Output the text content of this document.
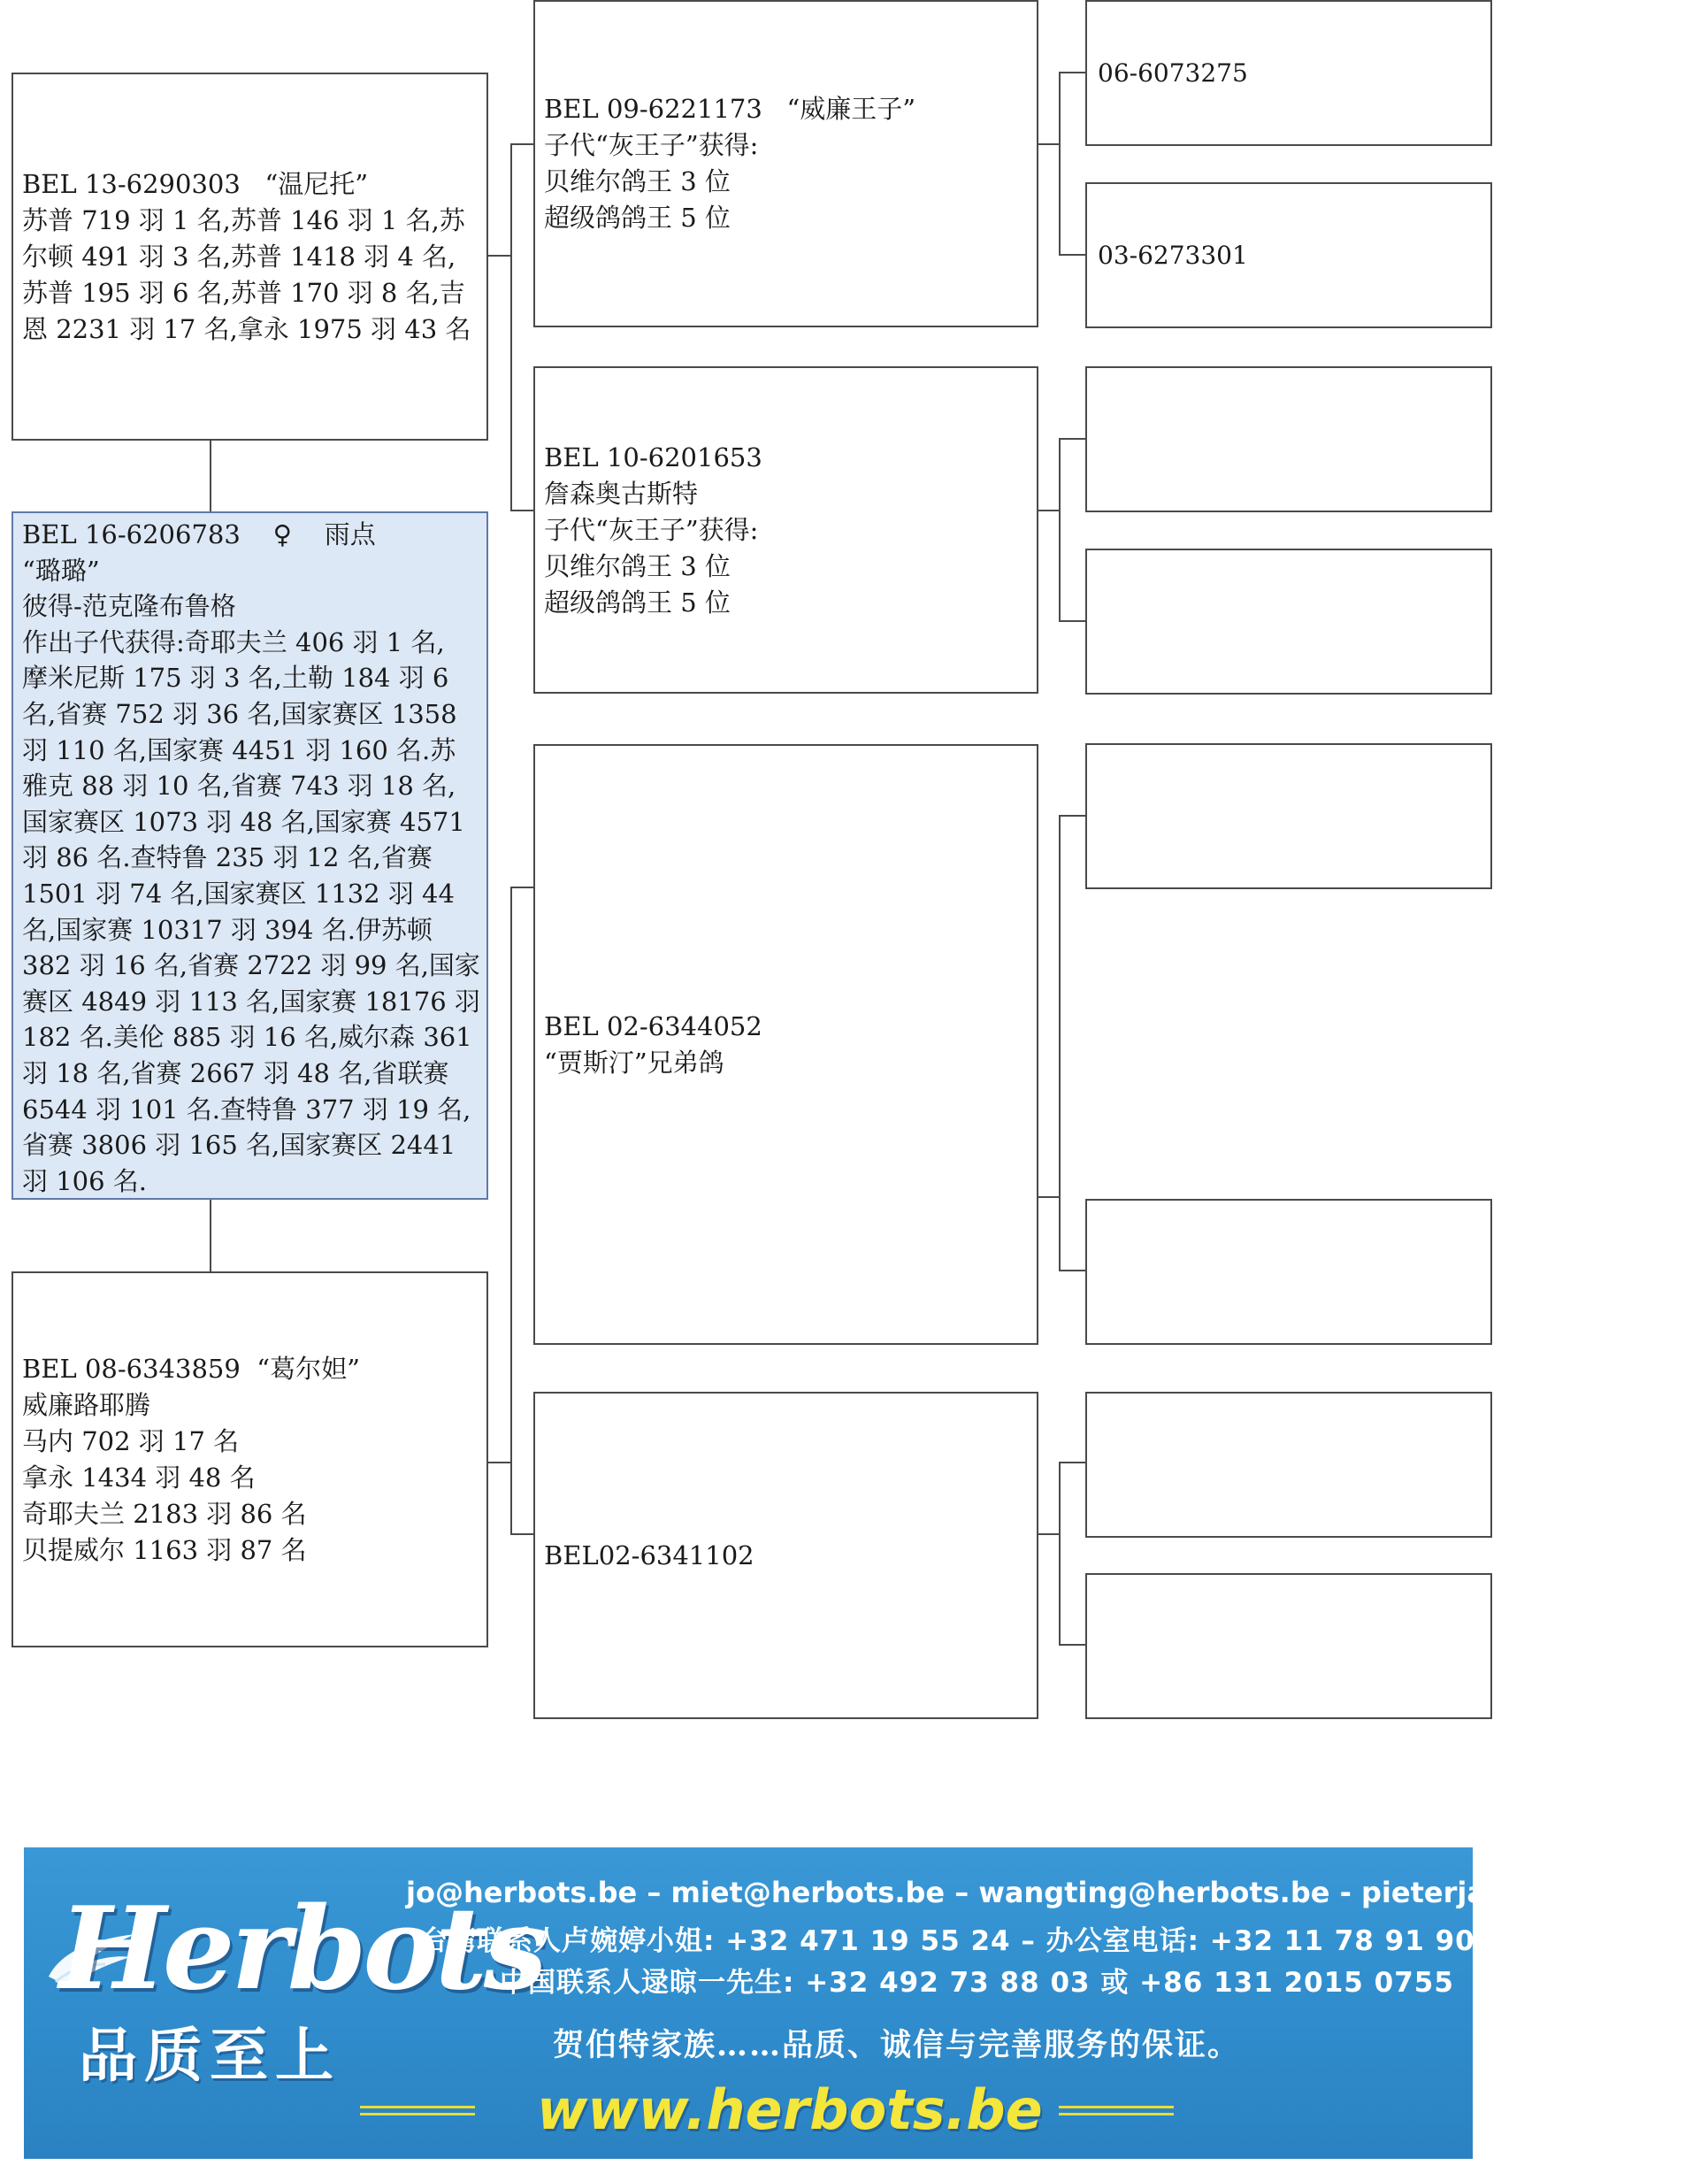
BEL 13-6290303   “温尼托”
苏普 719 羽 1 名,苏普 146 羽 1 名,苏
尔顿 491 羽 3 名,苏普 1418 羽 4 名,
苏普 195 羽 6 名,苏普 170 羽 8 名,吉
恩 2231 羽 17 名,拿永 1975 羽 43 名
BEL 16-6206783    ♀    雨点
“璐璐”
彼得-范克隆布鲁格
作出子代获得:奇耶夫兰 406 羽 1 名,
摩米尼斯 175 羽 3 名,土勒 184 羽 6
名,省赛 752 羽 36 名,国家赛区 1358
羽 110 名,国家赛 4451 羽 160 名.苏
雅克 88 羽 10 名,省赛 743 羽 18 名,
国家赛区 1073 羽 48 名,国家赛 4571
羽 86 名.查特鲁 235 羽 12 名,省赛
1501 羽 74 名,国家赛区 1132 羽 44
名,国家赛 10317 羽 394 名.伊苏顿
382 羽 16 名,省赛 2722 羽 99 名,国家
赛区 4849 羽 113 名,国家赛 18176 羽
182 名.美伦 885 羽 16 名,威尔森 361
羽 18 名,省赛 2667 羽 48 名,省联赛
6544 羽 101 名.查特鲁 377 羽 19 名,
省赛 3806 羽 165 名,国家赛区 2441
羽 106 名.
BEL 08-6343859  “葛尔妲”
威廉路耶腾
马内 702 羽 17 名
拿永 1434 羽 48 名
奇耶夫兰 2183 羽 86 名
贝提威尔 1163 羽 87 名
BEL 09-6221173   “威廉王子”
子代“灰王子”获得:
贝维尔鸽王 3 位
超级鸽鸽王 5 位
BEL 10-6201653
詹森奥古斯特
子代“灰王子”获得:
贝维尔鸽王 3 位
超级鸽鸽王 5 位
BEL 02-6344052
“贾斯汀”兄弟鸽
BEL02-6341102
06-6073275
03-6273301
Herbots
品质至上
jo@herbots.be – miet@herbots.be – wangting@herbots.be - pieterjan@herbots.be
台湾联系人卢婉婷小姐: +32 471 19 55 24 – 办公室电话: +32 11 78 91 90
中国联系人逯晾一先生: +32 492 73 88 03 或 +86 131 2015 0755
贺伯特家族……品质、诚信与完善服务的保证。
www.herbots.be
